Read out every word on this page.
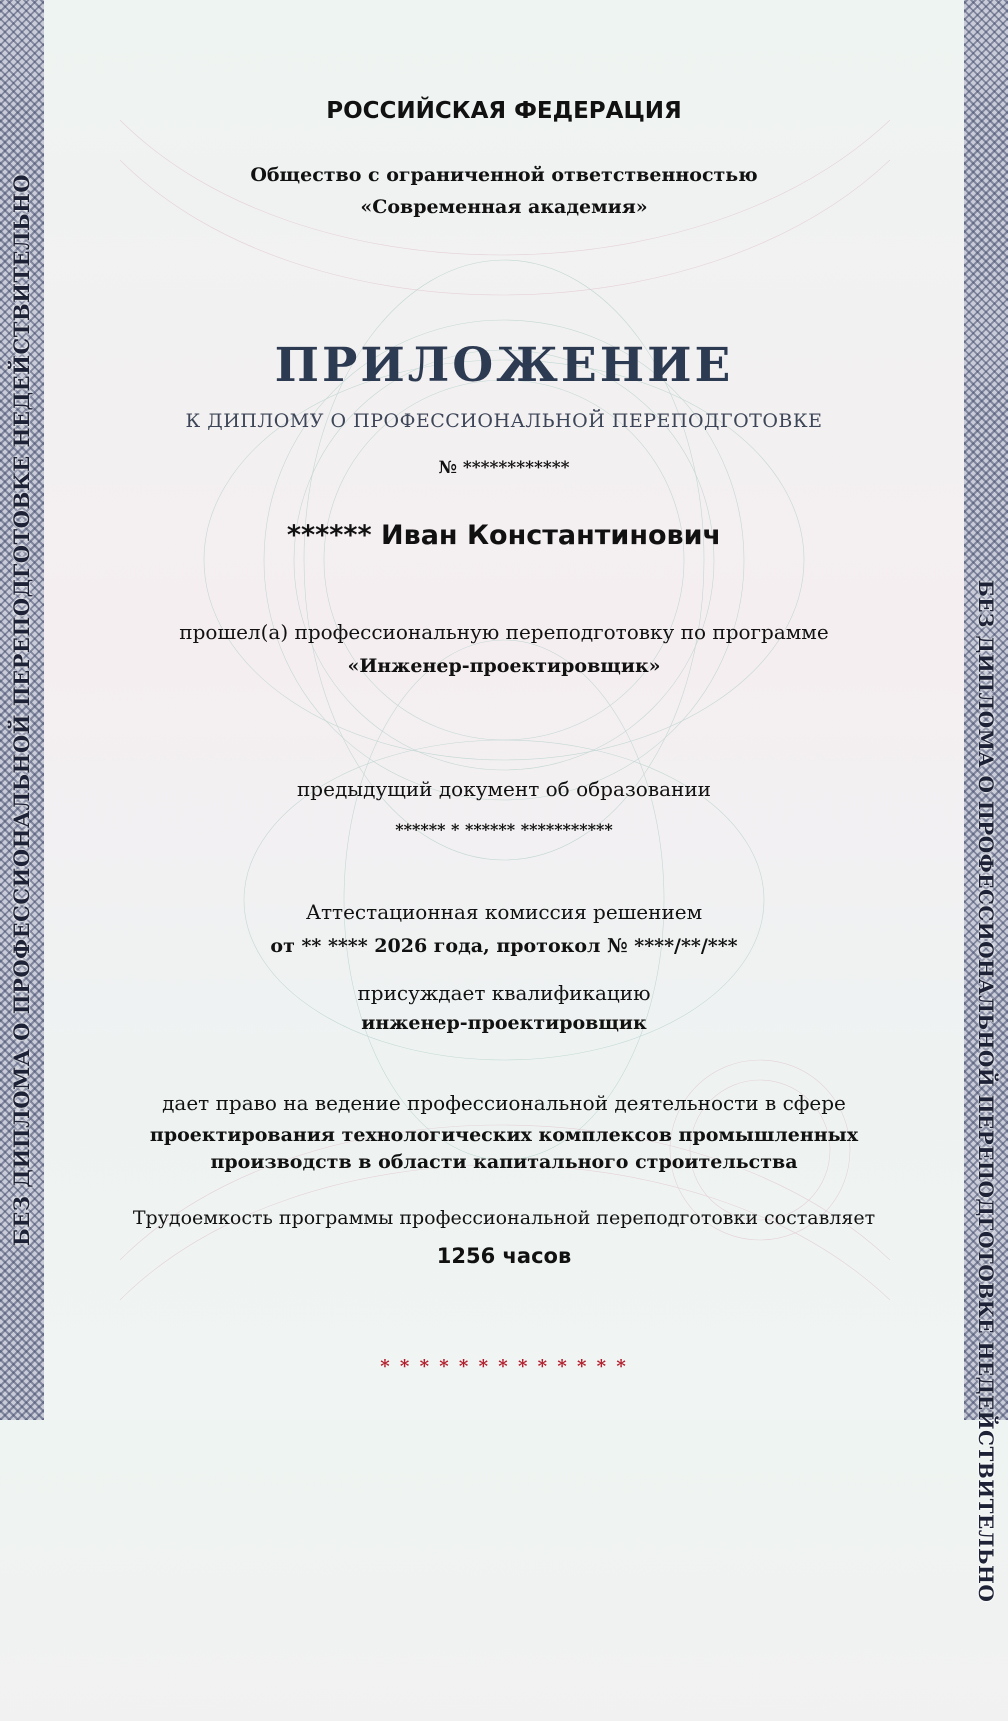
БЕЗ ДИПЛОМА О ПРОФЕССИОНАЛЬНОЙ ПЕРЕПОДГОТОВКЕ НЕДЕЙСТВИТЕЛЬНО	БЕЗ ДИПЛОМА О ПРОФЕССИОНАЛЬНОЙ ПЕРЕПОДГОТОВКЕ НЕДЕЙСТВИТЕЛЬНО
РОССИЙСКАЯ ФЕДЕРАЦИЯ
Общество с ограниченной ответственностью
«Современная академия»
ПРИЛОЖЕНИЕ
К ДИПЛОМУ О ПРОФЕССИОНАЛЬНОЙ ПЕРЕПОДГОТОВКЕ
№ ************
****** Иван Константинович
прошел(а) профессиональную переподготовку по программе
«Инженер-проектировщик»
предыдущий документ об образовании
****** * ****** ***********
Аттестационная комиссия решением
от ** **** 2026 года, протокол № ****/**/***
присуждает квалификацию
инженер-проектировщик
дает право на ведение профессиональной деятельности в сфере
проектирования технологических комплексов промышленных
производств в области капитального строительства
Трудоемкость программы профессиональной переподготовки составляет
1256 часов
* * * * * * * * * * * * *
